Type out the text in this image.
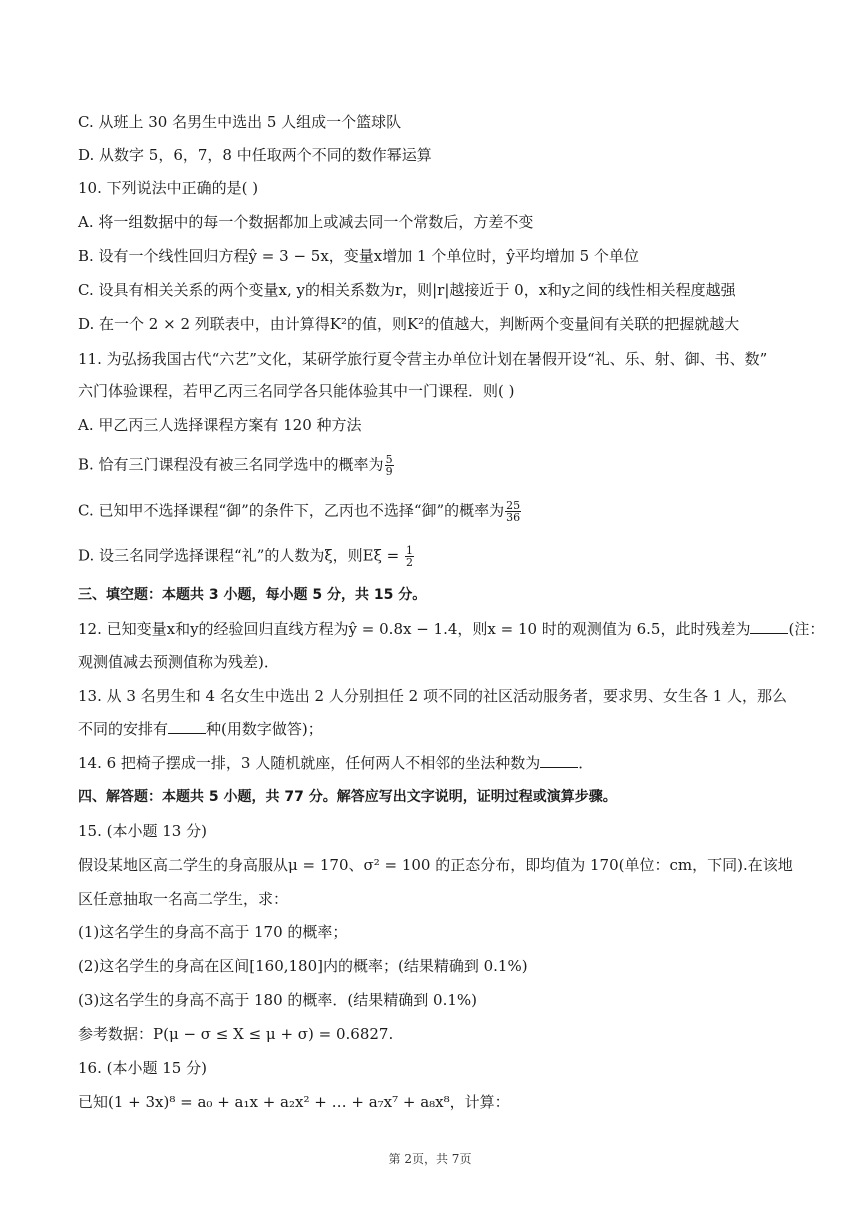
C. 从班上 30 名男生中选出 5 人组成一个篮球队
D. 从数字 5，6，7，8 中任取两个不同的数作幂运算
10. 下列说法中正确的是( )
A. 将一组数据中的每一个数据都加上或减去同一个常数后，方差不变
B. 设有一个线性回归方程ŷ = 3 − 5x，变量x增加 1 个单位时，ŷ平均增加 5 个单位
C. 设具有相关关系的两个变量x, y的相关系数为r，则|r|越接近于 0，x和y之间的线性相关程度越强
D. 在一个 2 × 2 列联表中，由计算得K²的值，则K²的值越大，判断两个变量间有关联的把握就越大
11. 为弘扬我国古代“六艺”文化，某研学旅行夏令营主办单位计划在暑假开设“礼、乐、射、御、书、数”
六门体验课程，若甲乙丙三名同学各只能体验其中一门课程．则( )
A. 甲乙丙三人选择课程方案有 120 种方法
B. 恰有三门课程没有被三名同学选中的概率为 $\frac{5}{9}$
C. 已知甲不选择课程“御”的条件下，乙丙也不选择“御”的概率为 $\frac{25}{36}$
D. 设三名同学选择课程“礼”的人数为ξ，则$E\xi = \frac{1}{2}$
三、填空题：本题共 3 小题，每小题 5 分，共 15 分。
12. 已知变量x和y的经验回归直线方程为ŷ = 0.8x − 1.4，则x = 10 时的观测值为 6.5，此时残差为	(注：
观测值减去预测值称为残差)．
13. 从 3 名男生和 4 名女生中选出 2 人分别担任 2 项不同的社区活动服务者，要求男、女生各 1 人，那么
不同的安排有	种(用数字做答)；
14. 6 把椅子摆成一排，3 人随机就座，任何两人不相邻的坐法种数为	．
四、解答题：本题共 5 小题，共 77 分。解答应写出文字说明，证明过程或演算步骤。
15. (本小题 13 分)
假设某地区高二学生的身高服从μ = 170、σ² = 100 的正态分布，即均值为 170(单位：cm，下同).在该地
区任意抽取一名高二学生，求：
(1)这名学生的身高不高于 170 的概率；
(2)这名学生的身高在区间[160,180]内的概率；(结果精确到 0.1%)
(3)这名学生的身高不高于 180 的概率．(结果精确到 0.1%)
参考数据：P(μ − σ ≤ X ≤ μ + σ) = 0.6827.
16. (本小题 15 分)
已知(1 + 3x)⁸ = a₀ + a₁x + a₂x² + … + a₇x⁷ + a₈x⁸，计算：
第 2页，共 7页
